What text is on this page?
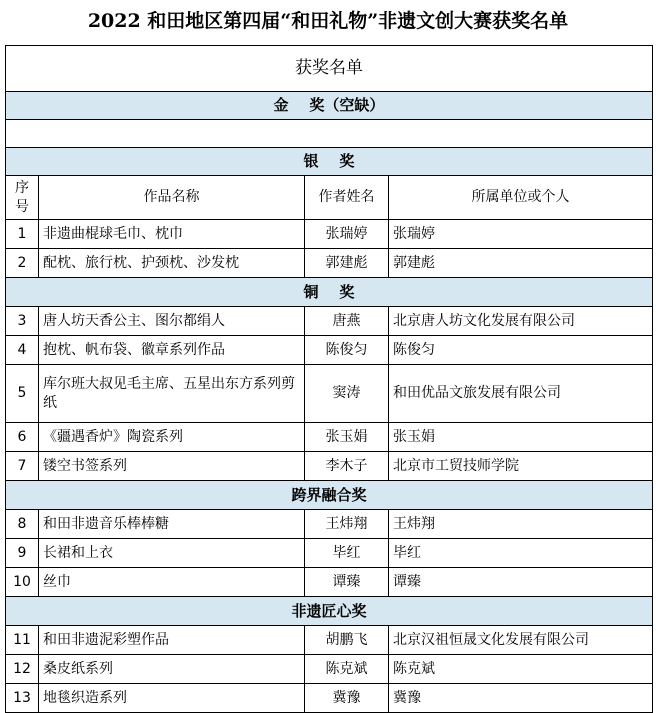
2022 和田地区第四届“和田礼物”非遗文创大赛获奖名单
获奖名单			
金    奖（空缺）			

银    奖			
序号	作品名称	作者姓名	所属单位或个人
1	非遗曲棍球毛巾、枕巾	张瑞婷	张瑞婷
2	配枕、旅行枕、护颈枕、沙发枕	郭建彪	郭建彪
铜    奖			
3	唐人坊天香公主、图尔都绢人	唐燕	北京唐人坊文化发展有限公司
4	抱枕、帆布袋、徽章系列作品	陈俊匀	陈俊匀
5	库尔班大叔见毛主席、五星出东方系列剪纸	窦涛	和田优品文旅发展有限公司
6	《疆遇香炉》陶瓷系列	张玉娟	张玉娟
7	镂空书签系列	李木子	北京市工贸技师学院
跨界融合奖			
8	和田非遗音乐棒棒糖	王炜翔	王炜翔
9	长裙和上衣	毕红	毕红
10	丝巾	谭臻	谭臻
非遗匠心奖			
11	和田非遗泥彩塑作品	胡鹏飞	北京汉祖恒晟文化发展有限公司
12	桑皮纸系列	陈克斌	陈克斌
13	地毯织造系列	冀豫	冀豫
